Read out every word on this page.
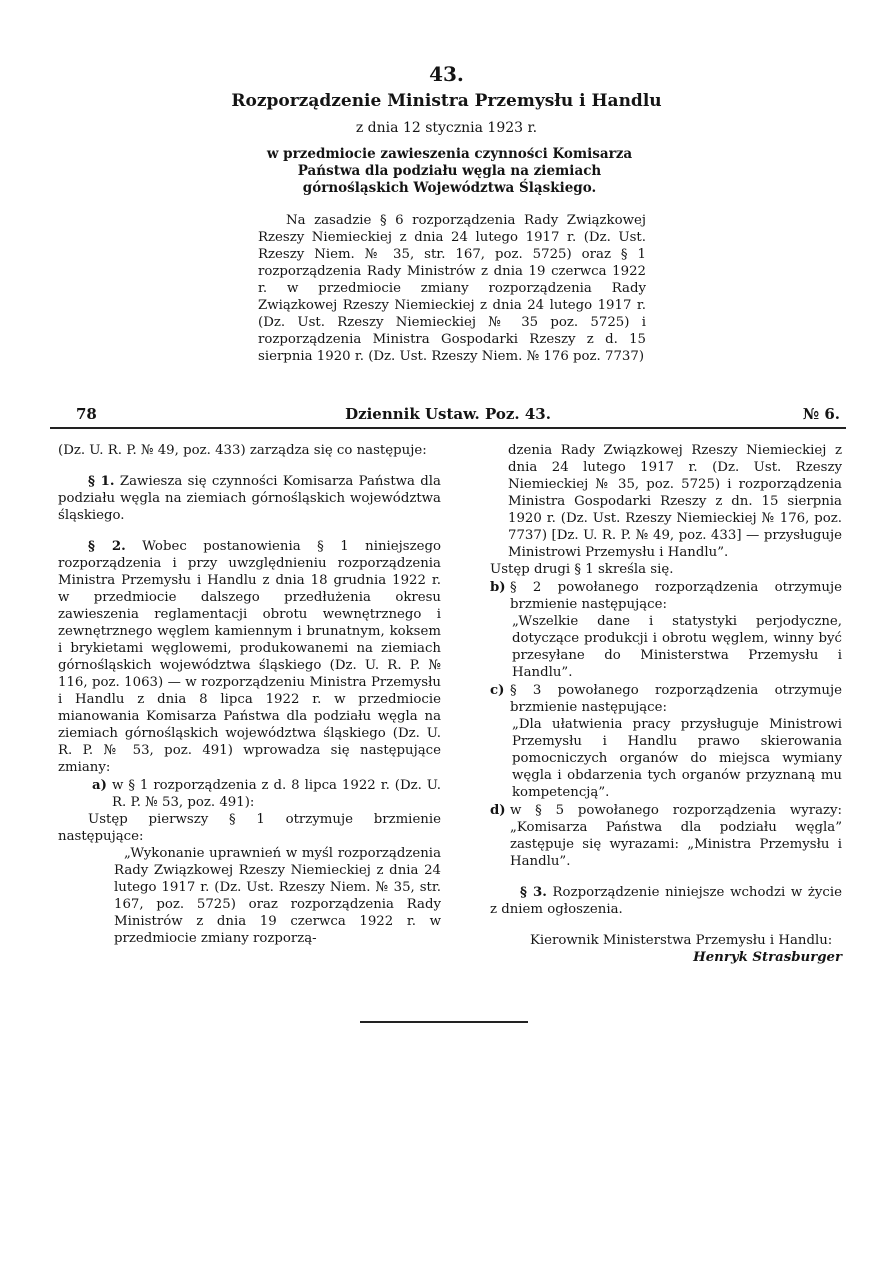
43.
Rozporządzenie Ministra Przemysłu i Handlu
z dnia 12 stycznia 1923 r.
w przedmiocie zawieszenia czynności Komisarza Państwa dla podziału węgla na ziemiach górnośląskich Województwa Śląskiego.
Na zasadzie § 6 rozporządzenia Rady Związkowej Rzeszy Niemieckiej z dnia 24 lutego 1917 r. (Dz. Ust. Rzeszy Niem. № 35, str. 167, poz. 5725) oraz § 1 rozporządzenia Rady Ministrów z dnia 19 czerwca 1922 r. w przedmiocie zmiany rozporządzenia Rady Związkowej Rzeszy Niemieckiej z dnia 24 lutego 1917 r. (Dz. Ust. Rzeszy Niemieckiej № 35 poz. 5725) i rozporządzenia Ministra Gospodarki Rzeszy z d. 15 sierpnia 1920 r. (Dz. Ust. Rzeszy Niem. № 176 poz. 7737)
78	Dziennik Ustaw. Poz. 43.	№ 6.

(Dz. U. R. P. № 49, poz. 433) zarządza się co następuje:

§ 1. Zawiesza się czynności Komisarza Państwa dla podziału węgla na ziemiach górnośląskich województwa śląskiego.

§ 2. Wobec postanowienia § 1 niniejszego rozporządzenia i przy uwzględnieniu rozporządzenia Ministra Przemysłu i Handlu z dnia 18 grudnia 1922 r. w przedmiocie dalszego przedłużenia okresu zawieszenia reglamentacji obrotu wewnętrznego i zewnętrznego węglem kamiennym i brunatnym, koksem i brykietami węglowemi, produkowanemi na ziemiach górnośląskich województwa śląskiego (Dz. U. R. P. № 116, poz. 1063) — w rozporządzeniu Ministra Przemysłu i Handlu z dnia 8 lipca 1922 r. w przedmiocie mianowania Komisarza Państwa dla podziału węgla na ziemiach górnośląskich województwa śląskiego (Dz. U. R. P. № 53, poz. 491) wprowadza się następujące zmiany:

a) w § 1 rozporządzenia z d. 8 lipca 1922 r. (Dz. U. R. P. № 53, poz. 491):

Ustęp pierwszy § 1 otrzymuje brzmienie następujące:

„Wykonanie uprawnień w myśl rozporządzenia Rady Związkowej Rzeszy Niemieckiej z dnia 24 lutego 1917 r. (Dz. Ust. Rzeszy Niem. № 35, str. 167, poz. 5725) oraz rozporządzenia Rady Ministrów z dnia 19 czerwca 1922 r. w przedmiocie zmiany rozporzą-

dzenia Rady Związkowej Rzeszy Niemieckiej z dnia 24 lutego 1917 r. (Dz. Ust. Rzeszy Niemieckiej № 35, poz. 5725) i rozporządzenia Ministra Gospodarki Rzeszy z dn. 15 sierpnia 1920 r. (Dz. Ust. Rzeszy Niemieckiej № 176, poz. 7737) [Dz. U. R. P. № 49, poz. 433] — przysługuje Ministrowi Przemysłu i Handlu”.

Ustęp drugi § 1 skreśla się.

b) § 2 powołanego rozporządzenia otrzymuje brzmienie następujące:

„Wszelkie dane i statystyki perjodyczne, dotyczące produkcji i obrotu węglem, winny być przesyłane do Ministerstwa Przemysłu i Handlu”.

c) § 3 powołanego rozporządzenia otrzymuje brzmienie następujące:

„Dla ułatwienia pracy przysługuje Ministrowi Przemysłu i Handlu prawo skierowania pomocniczych organów do miejsca wymiany węgla i obdarzenia tych organów przyznaną mu kompetencją”.

d) w § 5 powołanego rozporządzenia wyrazy: „Komisarza Państwa dla podziału węgla” zastępuje się wyrazami: „Ministra Przemysłu i Handlu”.

§ 3. Rozporządzenie niniejsze wchodzi w życie z dniem ogłoszenia.

Kierownik Ministerstwa Przemysłu i Handlu:

Henryk Strasburger
